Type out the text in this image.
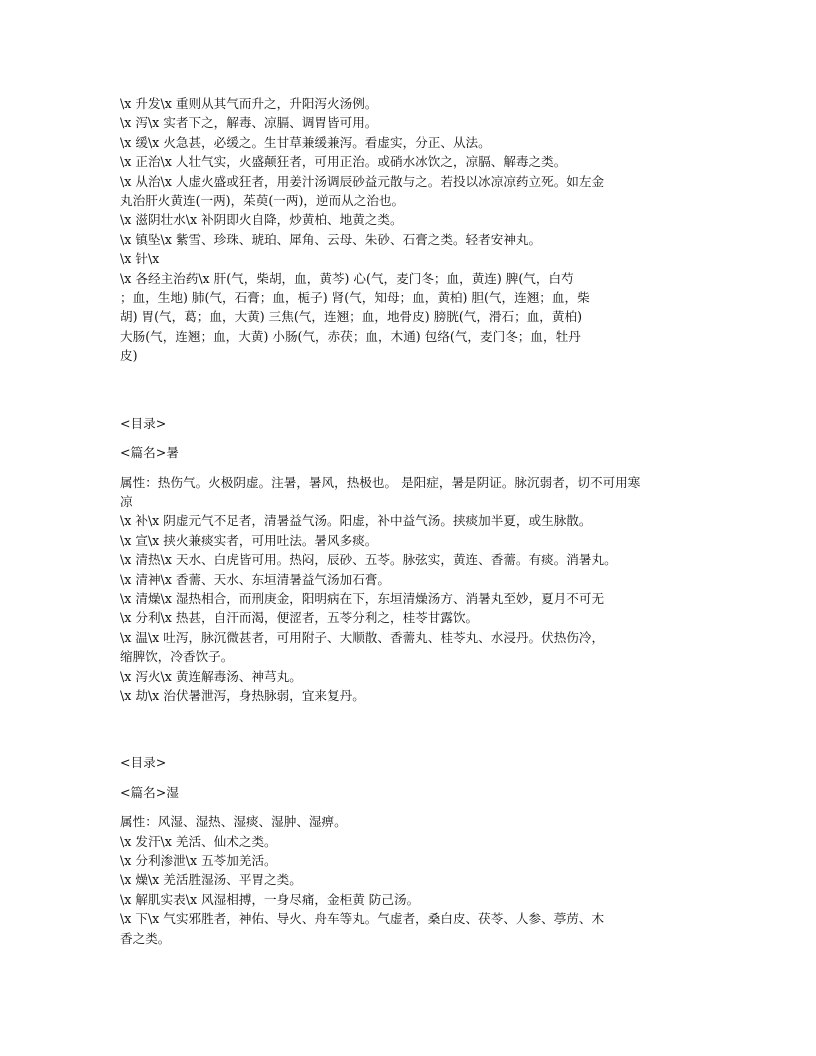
\x 升发\x 重则从其气而升之，升阳泻火汤例。

\x 泻\x 实者下之，解毒、凉膈、调胃皆可用。

\x 缓\x 火急甚，必缓之。生甘草兼缓兼泻。看虚实，分正、从法。

\x 正治\x 人壮气实，火盛颠狂者，可用正治。或硝水冰饮之，凉膈、解毒之类。

\x 从治\x 人虚火盛或狂者，用姜汁汤调辰砂益元散与之。若投以冰凉凉药立死。如左金

丸治肝火黄连(一两)，茱萸(一两)，逆而从之治也。

\x 滋阴壮水\x 补阴即火自降，炒黄柏、地黄之类。

\x 镇坠\x 紫雪、珍珠、琥珀、犀角、云母、朱砂、石膏之类。轻者安神丸。

\x 针\x

\x 各经主治药\x 肝(气，柴胡，血，黄芩) 心(气，麦门冬；血，黄连) 脾(气，白芍

；血，生地) 肺(气，石膏；血，栀子) 肾(气，知母；血，黄柏) 胆(气，连翘；血，柴

胡) 胃(气，葛；血，大黄) 三焦(气，连翘；血，地骨皮) 膀胱(气，滑石；血，黄柏)

大肠(气，连翘；血，大黄) 小肠(气，赤茯；血，木通) 包络(气，麦门冬；血，牡丹

皮)

<目录>

<篇名>暑

属性：热伤气。火极阴虚。注暑，暑风，热极也。 是阳症，暑是阴证。脉沉弱者，切不可用寒

凉

\x 补\x 阴虚元气不足者，清暑益气汤。阳虚，补中益气汤。挟痰加半夏，或生脉散。

\x 宣\x 挟火兼痰实者，可用吐法。暑风多痰。

\x 清热\x 天水、白虎皆可用。热闷，辰砂、五苓。脉弦实，黄连、香薷。有痰。消暑丸。

\x 清神\x 香薷、天水、东垣清暑益气汤加石膏。

\x 清燥\x 湿热相合，而刑庚金，阳明病在下，东垣清燥汤方、消暑丸至妙，夏月不可无

\x 分利\x 热甚，自汗而渴，便涩者，五苓分利之，桂苓甘露饮。

\x 温\x 吐泻，脉沉微甚者，可用附子、大顺散、香薷丸、桂苓丸、水浸丹。伏热伤冷，

缩脾饮，冷香饮子。

\x 泻火\x 黄连解毒汤、神芎丸。

\x 劫\x 治伏暑泄泻，身热脉弱，宜来复丹。

<目录>

<篇名>湿

属性：风湿、湿热、湿痰、湿肿、湿痹。

\x 发汗\x 羌活、仙术之类。

\x 分利渗泄\x 五苓加羌活。

\x 燥\x 羌活胜湿汤、平胃之类。

\x 解肌实表\x 风湿相搏，一身尽痛，金柜黄 防己汤。

\x 下\x 气实邪胜者，神佑、导火、舟车等丸。气虚者，桑白皮、茯苓、人参、葶苈、木

香之类。
